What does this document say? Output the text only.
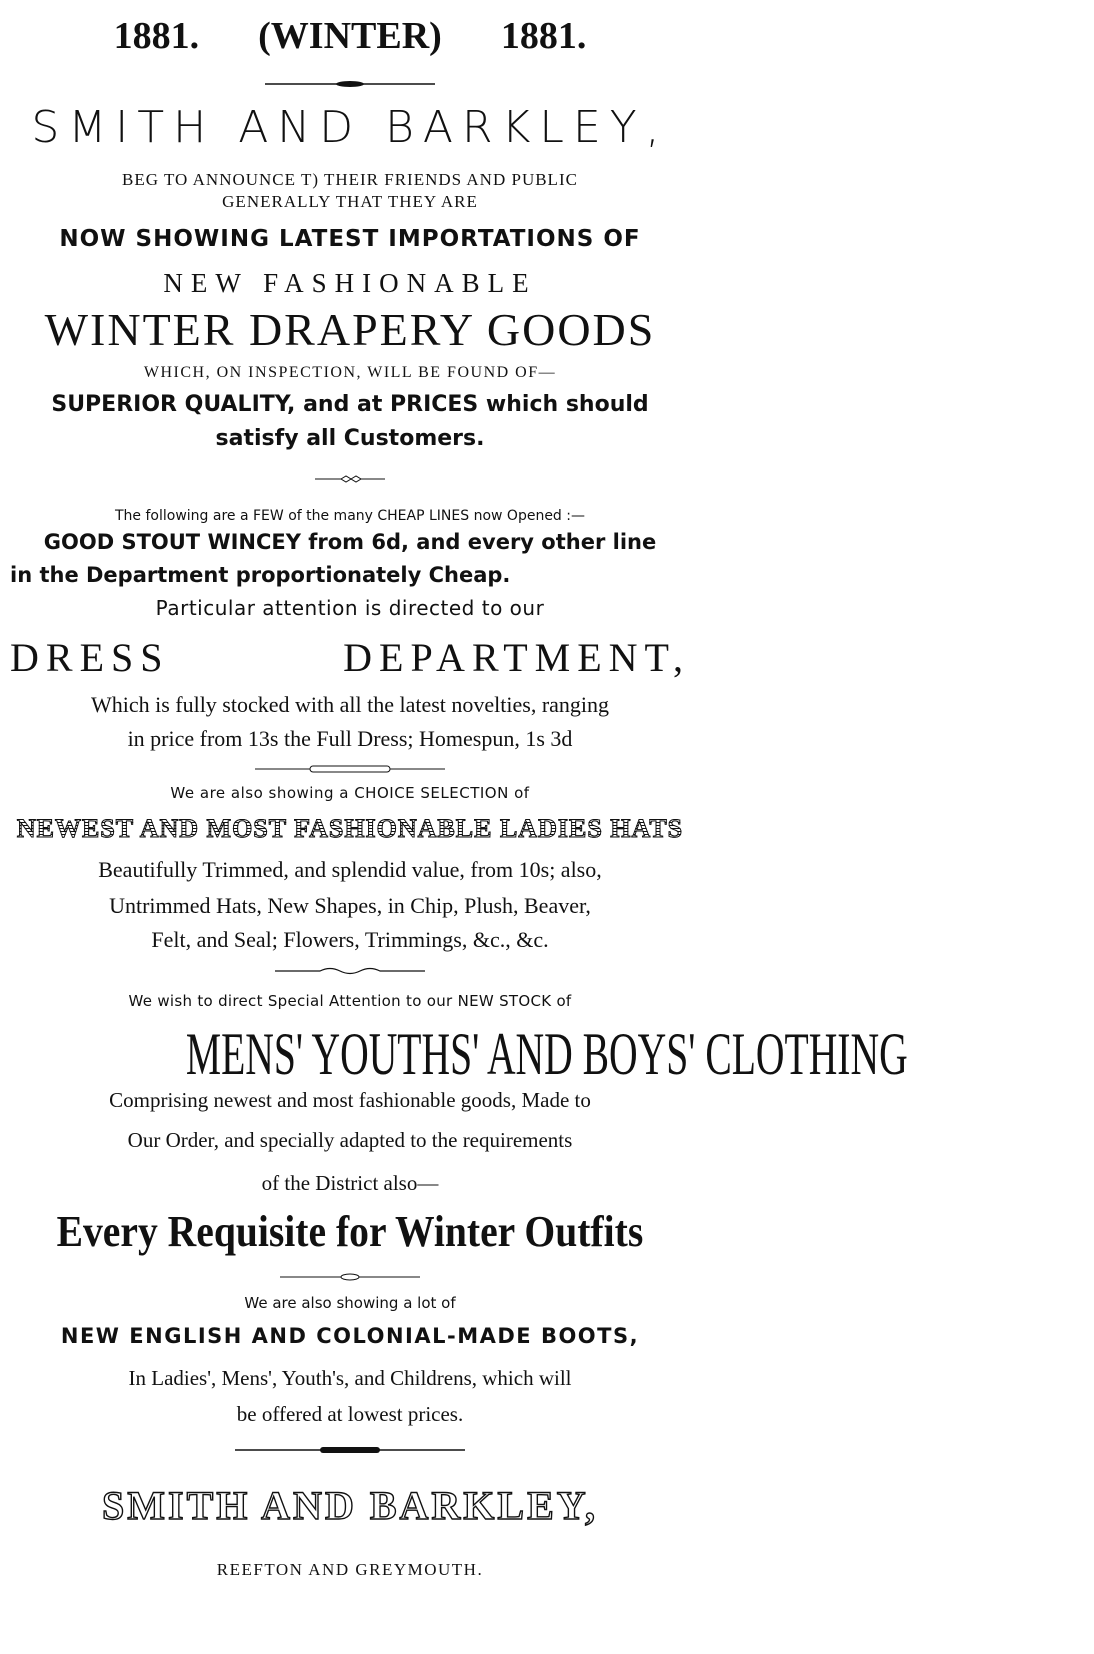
1881. (WINTER) 1881.
SMITH AND BARKLEY,
BEG TO ANNOUNCE T) THEIR FRIENDS AND PUBLIC
GENERALLY THAT THEY ARE
NOW SHOWING LATEST IMPORTATIONS OF
NEW FASHIONABLE
WINTER DRAPERY GOODS
WHICH, ON INSPECTION, WILL BE FOUND OF—
SUPERIOR QUALITY, and at PRICES which should
satisfy all Customers.
The following are a FEW of the many CHEAP LINES now Opened :—
GOOD STOUT WINCEY from 6d, and every other line
in the Department proportionately Cheap.
Particular attention is directed to our
DRESS	DEPARTMENT,
Which is fully stocked with all the latest novelties, ranging
in price from 13s the Full Dress; Homespun, 1s 3d
We are also showing a CHOICE SELECTION of
NEWEST AND MOST FASHIONABLE LADIES HATS
Beautifully Trimmed, and splendid value, from 10s; also,
Untrimmed Hats, New Shapes, in Chip, Plush, Beaver,
Felt, and Seal; Flowers, Trimmings, &c., &c.
We wish to direct Special Attention to our NEW STOCK of
MENS' YOUTHS' AND BOYS' CLOTHING
Comprising newest and most fashionable goods, Made to
Our Order, and specially adapted to the requirements
of the District also—
Every Requisite for Winter Outfits
We are also showing a lot of
NEW ENGLISH AND COLONIAL-MADE BOOTS,
In Ladies', Mens', Youth's, and Childrens, which will
be offered at lowest prices.
SMITH AND BARKLEY,
REEFTON AND GREYMOUTH.
